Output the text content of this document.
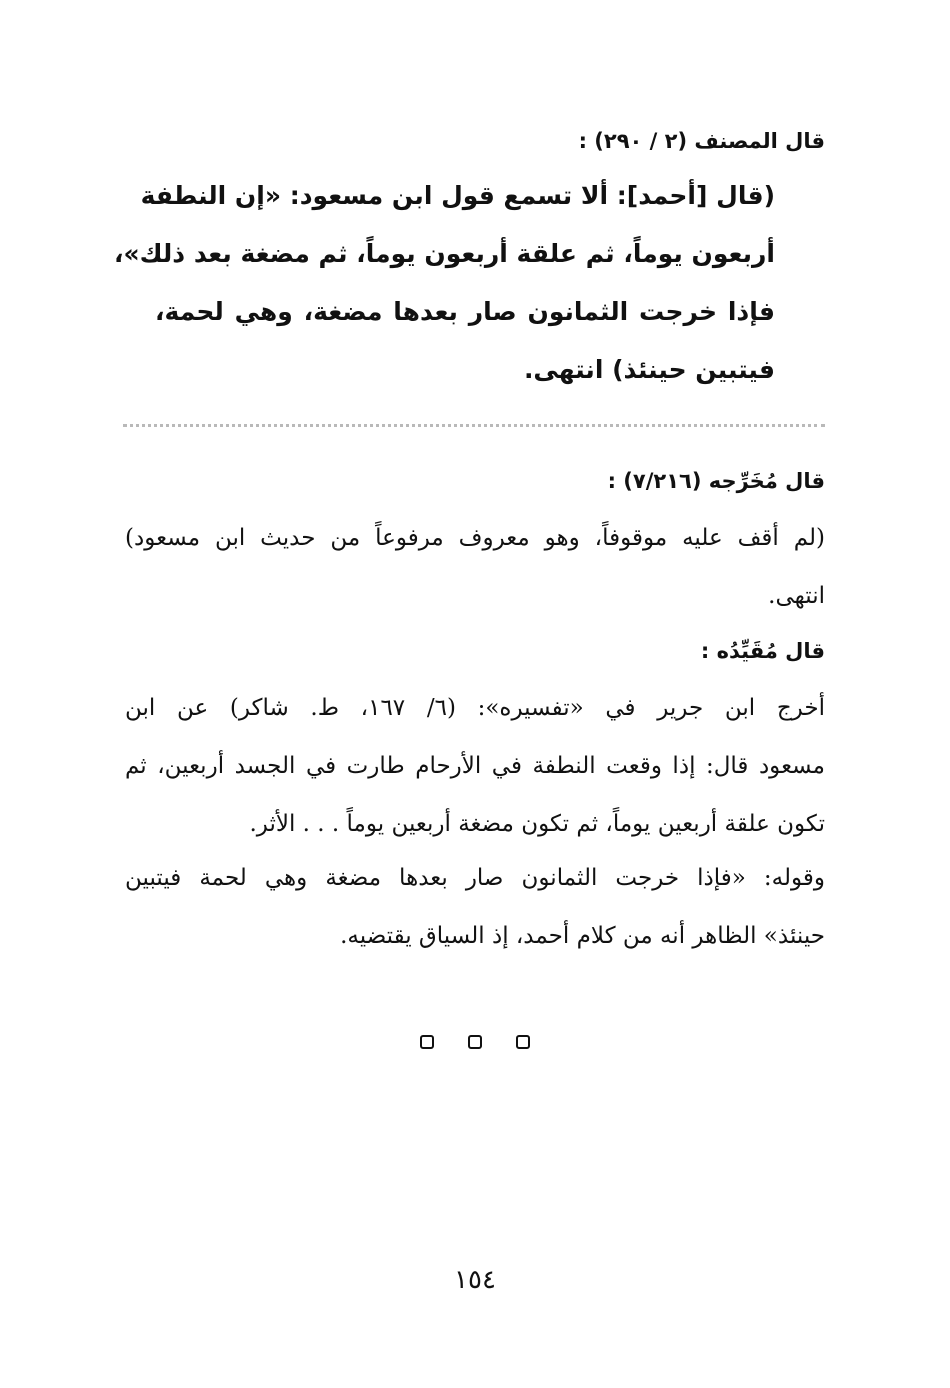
قال المصنف (٢ / ٢٩٠) :
(قال [أحمد]: ألا تسمع قول ابن مسعود: «إن النطفة
أربعون يوماً، ثم علقة أربعون يوماً، ثم مضغة بعد ذلك»،
فإذا خرجت الثمانون صار بعدها مضغة، وهي لحمة،
فيتبين حينئذ) انتهى.
قال مُخَرِّجه (٧/٢١٦) :
(لم أقف عليه موقوفاً، وهو معروف مرفوعاً من حديث ابن مسعود)
انتهى.
قال مُقَيِّدُه :
أخرج ابن جرير في «تفسيره»: (٦/ ١٦٧، ط. شاكر) عن ابن
مسعود قال: إذا وقعت النطفة في الأرحام طارت في الجسد أربعين، ثم
تكون علقة أربعين يوماً، ثم تكون مضغة أربعين يوماً . . . الأثر.
وقوله: «فإذا خرجت الثمانون صار بعدها مضغة وهي لحمة فيتبين
حينئذ» الظاهر أنه من كلام أحمد، إذ السياق يقتضيه.
١٥٤
